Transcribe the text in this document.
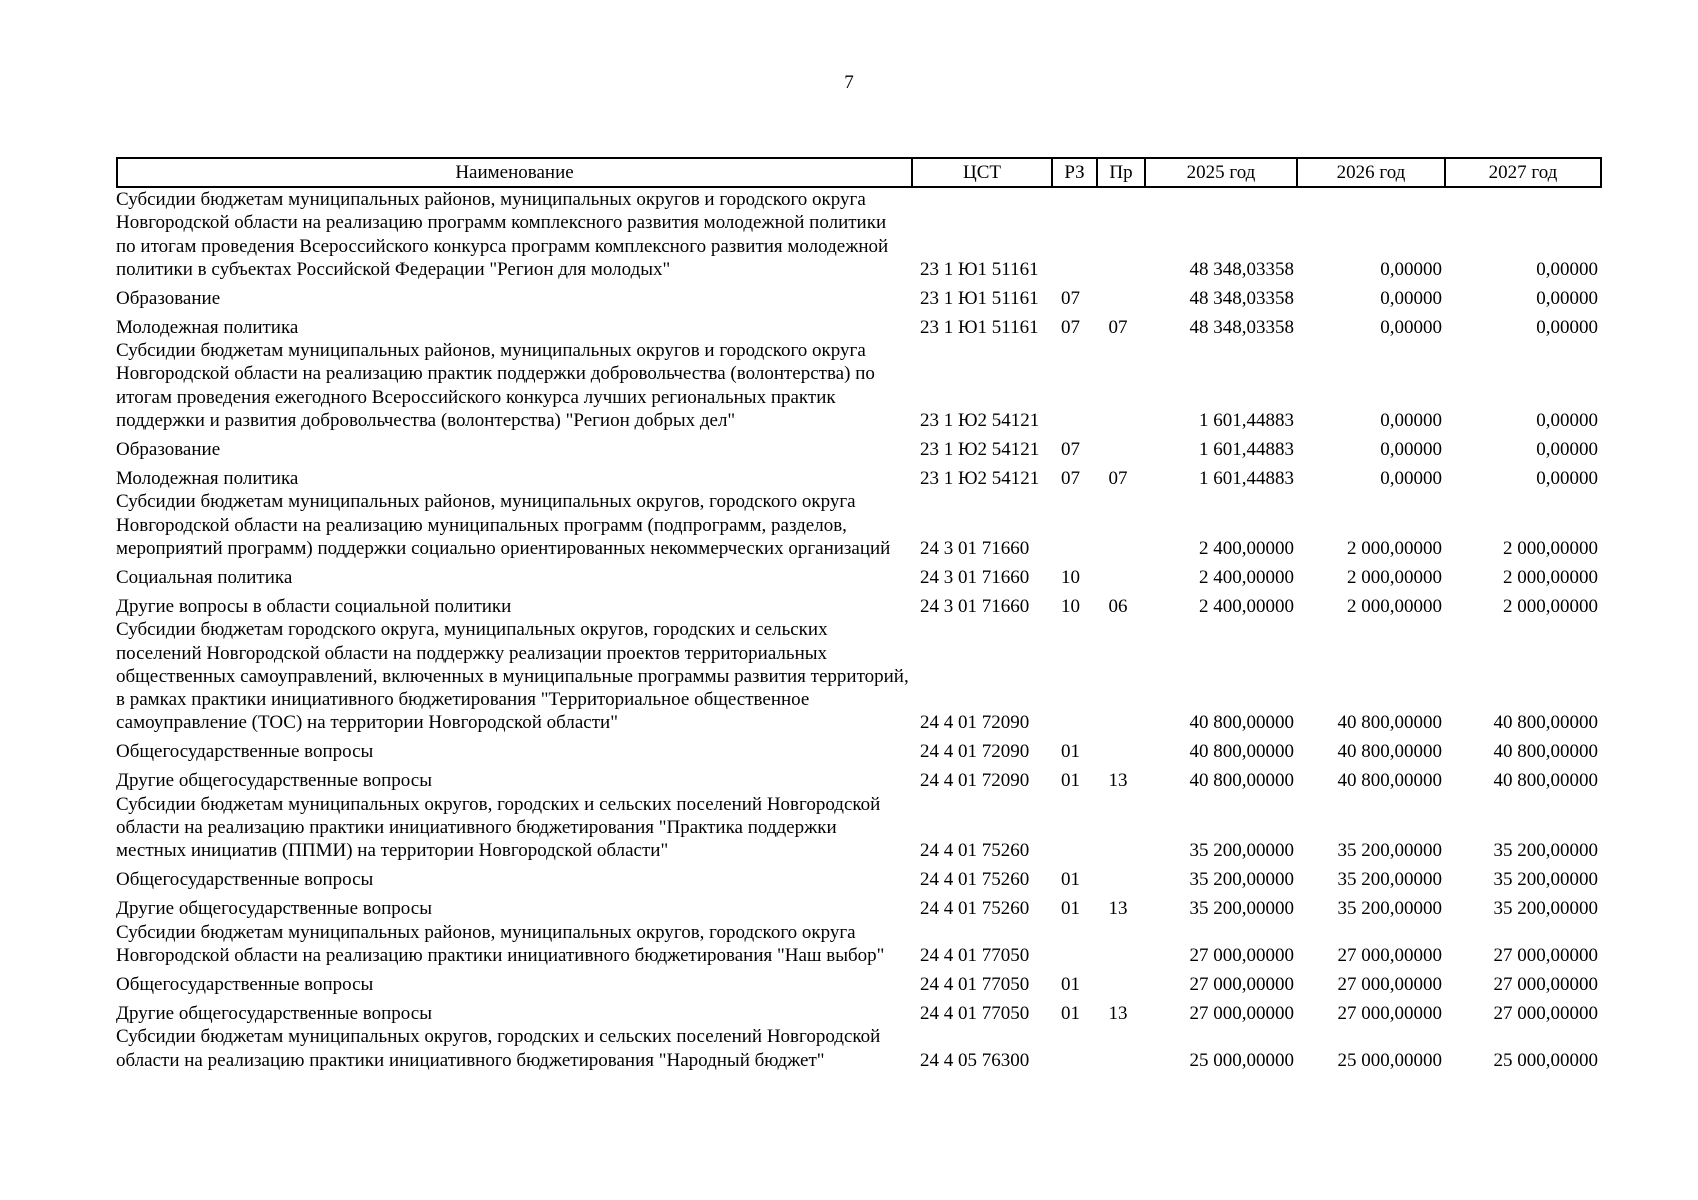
7
Наименование	ЦСТ	РЗ	Пр	2025 год	2026 год	2027 год
Субсидии бюджетам муниципальных районов, муниципальных округов и городского округа Новгородской области на реализацию программ комплексного развития молодежной политики по итогам проведения Всероссийского конкурса программ комплексного развития молодежной политики в субъектах Российской Федерации "Регион для молодых"	23 1 Ю1 51161			48 348,03358	0,00000	0,00000
Образование	23 1 Ю1 51161	07		48 348,03358	0,00000	0,00000
Молодежная политика	23 1 Ю1 51161	07	07	48 348,03358	0,00000	0,00000
Субсидии бюджетам муниципальных районов, муниципальных округов и городского округа Новгородской области на реализацию практик поддержки добровольчества (волонтерства) по итогам проведения ежегодного Всероссийского конкурса лучших региональных практик поддержки и развития добровольчества (волонтерства) "Регион добрых дел"	23 1 Ю2 54121			1 601,44883	0,00000	0,00000
Образование	23 1 Ю2 54121	07		1 601,44883	0,00000	0,00000
Молодежная политика	23 1 Ю2 54121	07	07	1 601,44883	0,00000	0,00000
Субсидии бюджетам муниципальных районов, муниципальных округов, городского округа Новгородской области на реализацию муниципальных программ (подпрограмм, разделов, мероприятий программ) поддержки социально ориентированных некоммерческих организаций	24 3 01 71660			2 400,00000	2 000,00000	2 000,00000
Социальная политика	24 3 01 71660	10		2 400,00000	2 000,00000	2 000,00000
Другие вопросы в области социальной политики	24 3 01 71660	10	06	2 400,00000	2 000,00000	2 000,00000
Субсидии бюджетам городского округа, муниципальных округов, городских и сельских поселений Новгородской области на поддержку реализации проектов территориальных общественных самоуправлений, включенных в муниципальные программы развития территорий, в рамках практики инициативного бюджетирования "Территориальное общественное самоуправление (ТОС) на территории Новгородской области"	24 4 01 72090			40 800,00000	40 800,00000	40 800,00000
Общегосударственные вопросы	24 4 01 72090	01		40 800,00000	40 800,00000	40 800,00000
Другие общегосударственные вопросы	24 4 01 72090	01	13	40 800,00000	40 800,00000	40 800,00000
Субсидии бюджетам муниципальных округов, городских и сельских поселений Новгородской области на реализацию практики инициативного бюджетирования "Практика поддержки местных инициатив (ППМИ) на территории Новгородской области"	24 4 01 75260			35 200,00000	35 200,00000	35 200,00000
Общегосударственные вопросы	24 4 01 75260	01		35 200,00000	35 200,00000	35 200,00000
Другие общегосударственные вопросы	24 4 01 75260	01	13	35 200,00000	35 200,00000	35 200,00000
Субсидии бюджетам муниципальных районов, муниципальных округов, городского округа Новгородской области на реализацию практики инициативного бюджетирования "Наш выбор"	24 4 01 77050			27 000,00000	27 000,00000	27 000,00000
Общегосударственные вопросы	24 4 01 77050	01		27 000,00000	27 000,00000	27 000,00000
Другие общегосударственные вопросы	24 4 01 77050	01	13	27 000,00000	27 000,00000	27 000,00000
Субсидии бюджетам муниципальных округов, городских и сельских поселений Новгородской области на реализацию практики инициативного бюджетирования "Народный бюджет"	24 4 05 76300			25 000,00000	25 000,00000	25 000,00000
